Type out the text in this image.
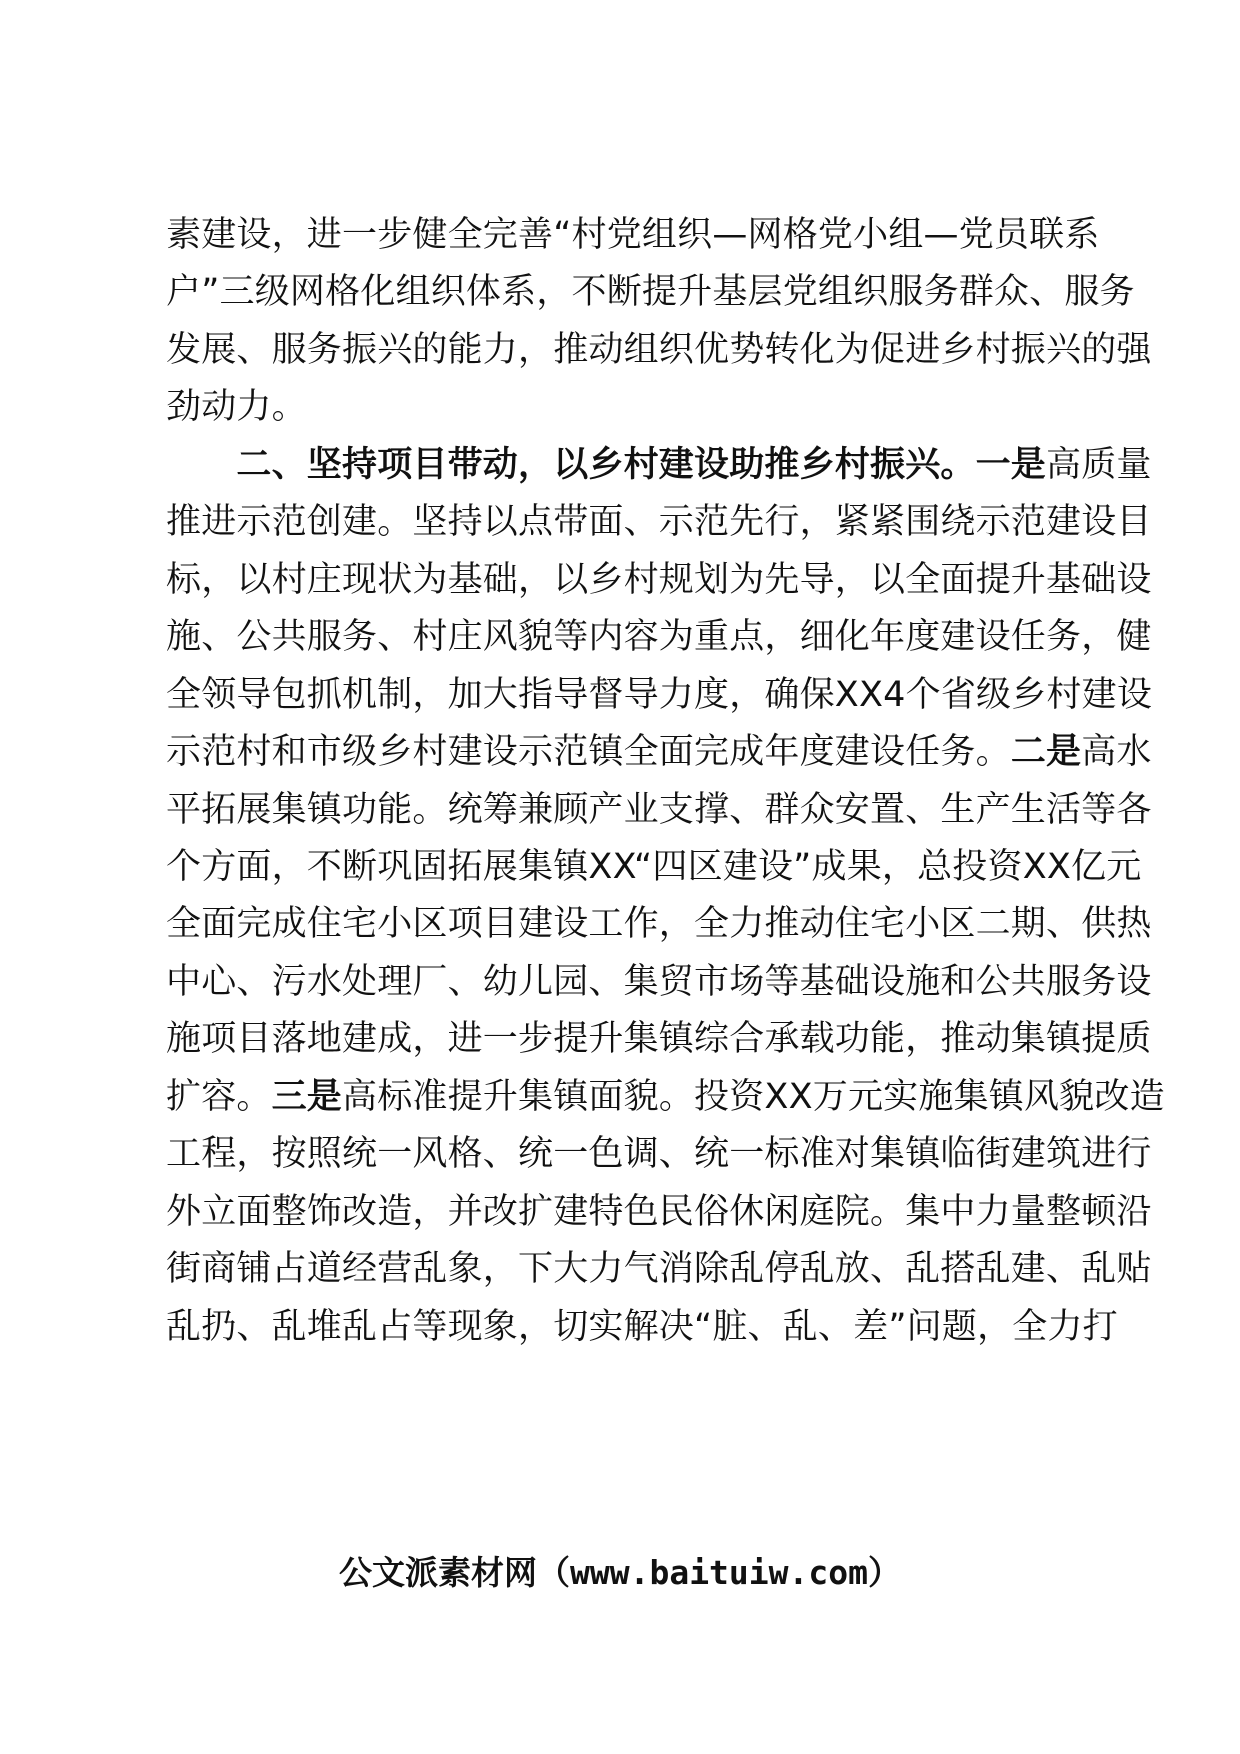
素建设，进一步健全完善“村党组织—网格党小组—党员联系
户”三级网格化组织体系，不断提升基层党组织服务群众、服务
发展、服务振兴的能力，推动组织优势转化为促进乡村振兴的强
劲动力。
　　二、坚持项目带动，以乡村建设助推乡村振兴。一是高质量
推进示范创建。坚持以点带面、示范先行，紧紧围绕示范建设目
标，以村庄现状为基础，以乡村规划为先导，以全面提升基础设
施、公共服务、村庄风貌等内容为重点，细化年度建设任务，健
全领导包抓机制，加大指导督导力度，确保XX4个省级乡村建设
示范村和市级乡村建设示范镇全面完成年度建设任务。二是高水
平拓展集镇功能。统筹兼顾产业支撑、群众安置、生产生活等各
个方面，不断巩固拓展集镇XX“四区建设”成果，总投资XX亿元
全面完成住宅小区项目建设工作，全力推动住宅小区二期、供热
中心、污水处理厂、幼儿园、集贸市场等基础设施和公共服务设
施项目落地建成，进一步提升集镇综合承载功能，推动集镇提质
扩容。三是高标准提升集镇面貌。投资XX万元实施集镇风貌改造
工程，按照统一风格、统一色调、统一标准对集镇临街建筑进行
外立面整饰改造，并改扩建特色民俗休闲庭院。集中力量整顿沿
街商铺占道经营乱象，下大力气消除乱停乱放、乱搭乱建、乱贴
乱扔、乱堆乱占等现象，切实解决“脏、乱、差”问题，全力打
公文派素材网（www.baituiw.com）
